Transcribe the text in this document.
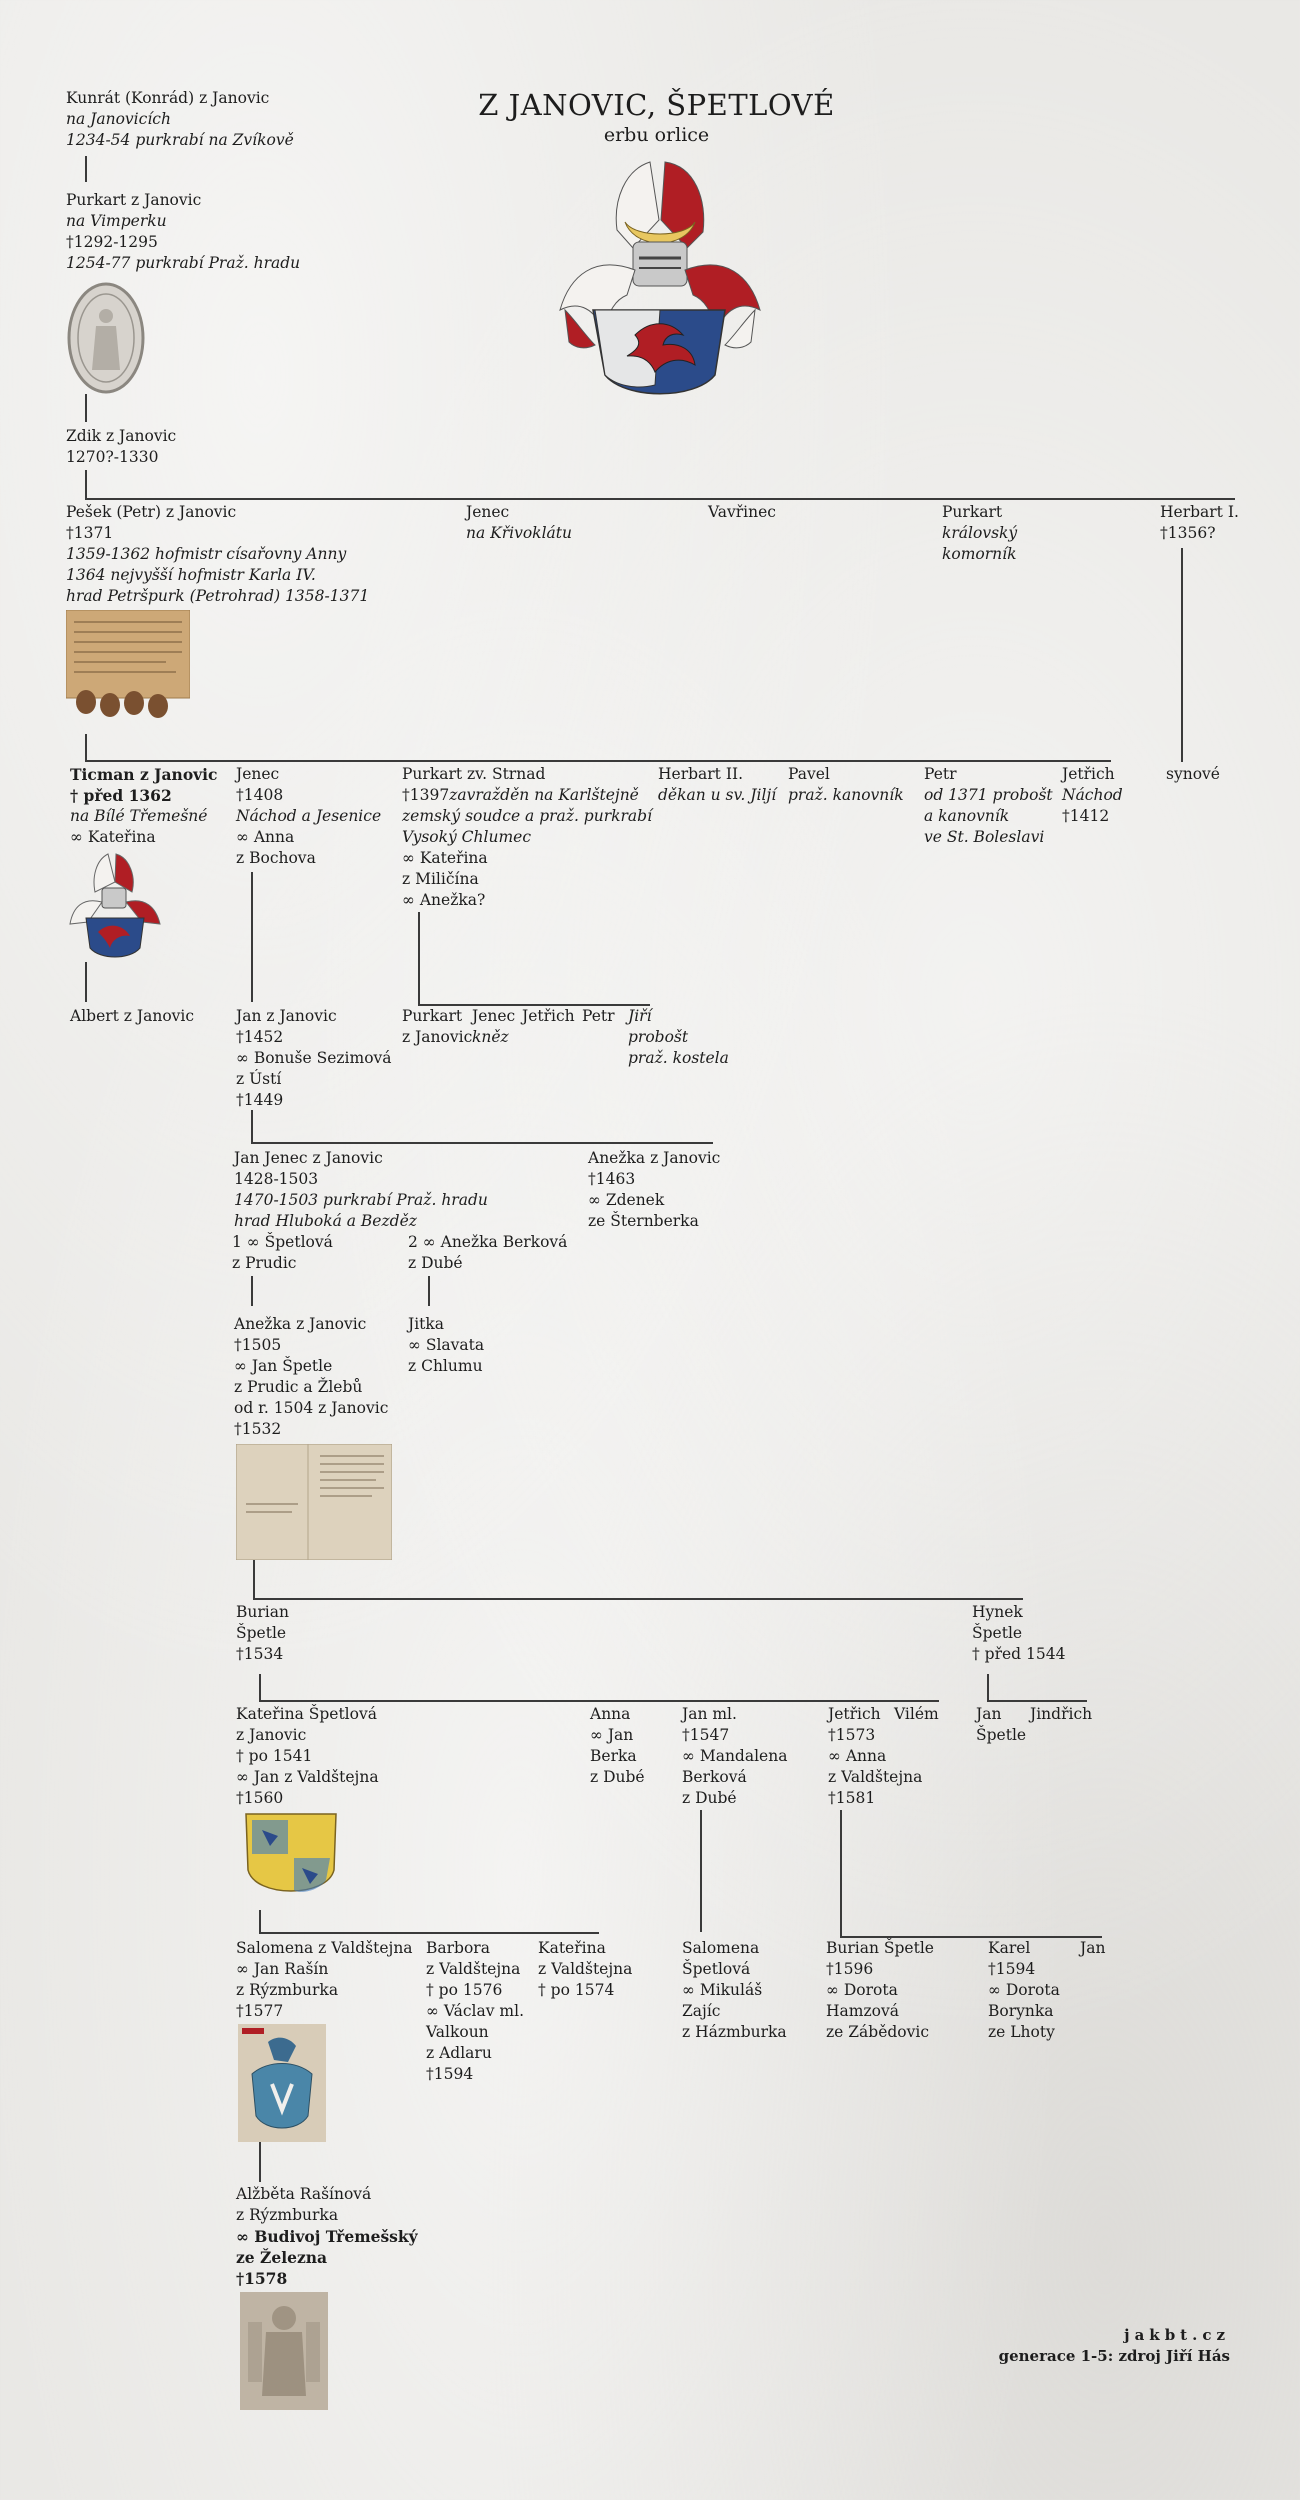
Z JANOVIC, ŠPETLOVÉ
erbu orlice
Kunrát (Konrád) z Janovic
na Janovicích
1234-54 purkrabí na Zvíkově
Purkart z Janovic
na Vimperku
†1292-1295
1254-77 purkrabí Praž. hradu
Zdik z Janovic
1270?-1330
Pešek (Petr) z Janovic
†1371
1359-1362 hofmistr císařovny Anny
1364 nejvyšší hofmistr Karla IV.
hrad Petršpurk (Petrohrad) 1358-1371
Jenec
na Křivoklátu
Vavřinec	Purkart
královský
komorník
Herbart I.
†1356?
Ticman z Janovic
† před 1362
na Bílé Třemešné
∞ Kateřina
Jenec
†1408
Náchod a Jesenice
∞ Anna
z Bochova
Purkart zv. Strnad
†1397zavražděn na Karlštejně
zemský soudce a praž. purkrabí
Vysoký Chlumec
∞ Kateřina
z Miličína
∞ Anežka?
Herbart II.
děkan u sv. Jiljí
Pavel
praž. kanovník
Petr
od 1371 probošt
a kanovník
ve St. Boleslavi
Jetřich
Náchod
†1412
synové
Albert z Janovic	Jan z Janovic
†1452
∞ Bonuše Sezimová
z Ústí
†1449
Purkart
z Janovic
Jenec
kněz
Jetřich Petr Jiří
probošt
praž. kostela
Jan Jenec z Janovic
1428-1503
1470-1503 purkrabí Praž. hradu
hrad Hluboká a Bezděz
1 ∞ Špetlová
z Prudic
2 ∞ Anežka Berková
z Dubé
Anežka z Janovic
†1463
∞ Zdenek
ze Šternberka
Anežka z Janovic
†1505
∞ Jan Špetle
z Prudic a Žlebů
od r. 1504 z Janovic
†1532
Jitka
∞ Slavata
z Chlumu
Burian
Špetle
†1534
Hynek
Špetle
† před 1544
Kateřina Špetlová
z Janovic
† po 1541
∞ Jan z Valdštejna
†1560
Anna
∞ Jan
Berka
z Dubé
Jan ml.
†1547
∞ Mandalena
Berková
z Dubé
Jetřich
†1573
∞ Anna
z Valdštejna
†1581
Vilém Jan
Špetle
Jindřich
Salomena z Valdštejna
∞ Jan Rašín
z Rýzmburka
†1577
Barbora
z Valdštejna
† po 1576
∞ Václav ml.
Valkoun
z Adlaru
†1594
Kateřina
z Valdštejna
† po 1574
Salomena
Špetlová
∞ Mikuláš
Zajíc
z Házmburka
Burian Špetle
†1596
∞ Dorota
Hamzová
ze Zábědovic
Karel
†1594
∞ Dorota
Borynka
ze Lhoty
Jan
Alžběta Rašínová
z Rýzmburka
∞ Budivoj Třemešský
ze Železna
†1578
jakbt.cz
generace 1-5: zdroj Jiří Hás
